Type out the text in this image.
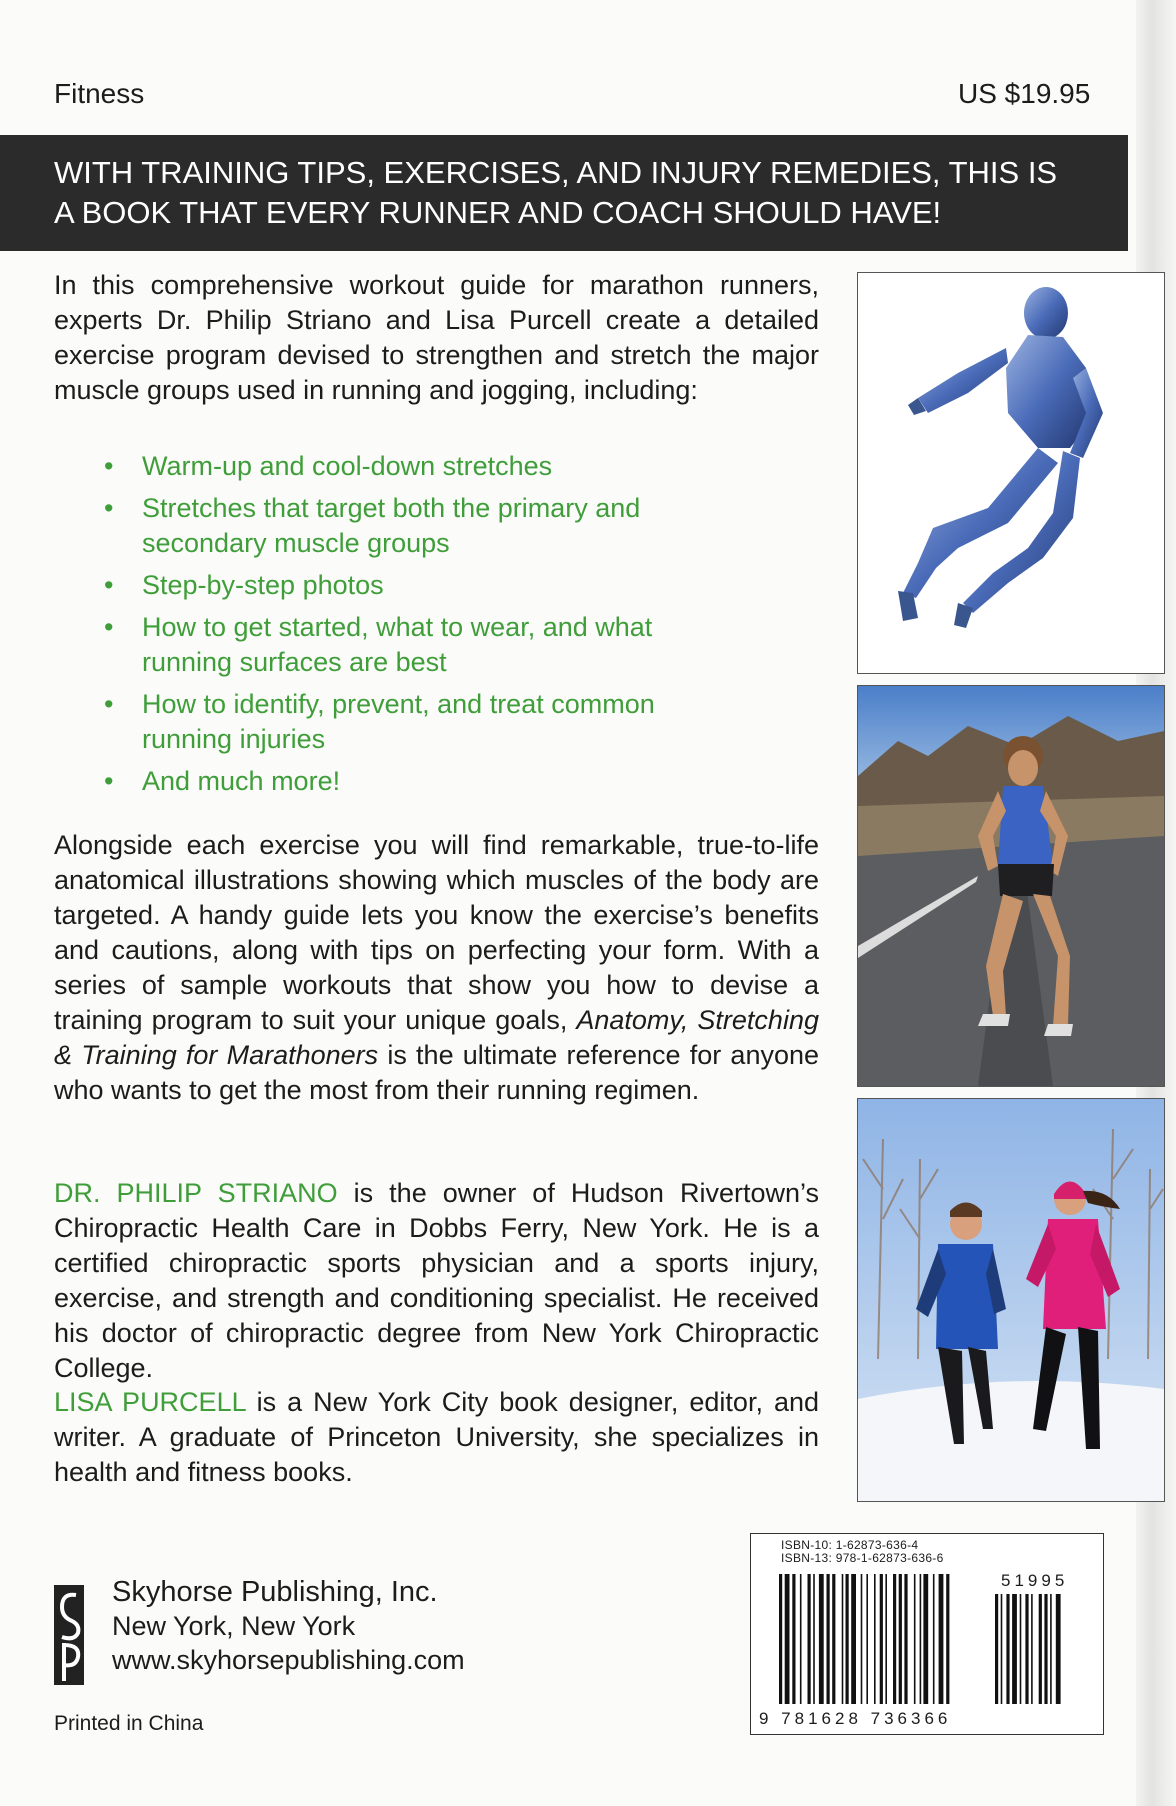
Fitness	US $19.95
WITH TRAINING TIPS, EXERCISES, AND INJURY REMEDIES, THIS IS
A BOOK THAT EVERY RUNNER AND COACH SHOULD HAVE!
In this comprehensive workout guide for marathon runners, experts Dr. Philip Striano and Lisa Purcell create a detailed exercise program devised to strengthen and stretch the major muscle groups used in running and jogging, including:
• Warm-up and cool-down stretches
• Stretches that target both the primary and secondary muscle groups
• Step-by-step photos
• How to get started, what to wear, and what running surfaces are best
• How to identify, prevent, and treat common running injuries
• And much more!
Alongside each exercise you will find remarkable, true-to-life anatomical illustrations showing which muscles of the body are targeted. A handy guide lets you know the exercise’s benefits and cautions, along with tips on perfecting your form. With a series of sample workouts that show you how to devise a training program to suit your unique goals, Anatomy, Stretching & Training for Marathoners is the ultimate reference for anyone who wants to get the most from their running regimen.
DR. PHILIP STRIANO is the owner of Hudson Rivertown’s Chiropractic Health Care in Dobbs Ferry, New York. He is a certified chiropractic sports physician and a sports injury, exercise, and strength and conditioning specialist. He received his doctor of chiropractic degree from New York Chiropractic College.
LISA PURCELL is a New York City book designer, editor, and writer. A graduate of Princeton University, she specializes in health and fitness books.
Skyhorse Publishing, Inc.
New York, New York
www.skyhorsepublishing.com
Printed in China
ISBN-10: 1-62873-636-4
ISBN-13: 978-1-62873-636-6
51995
9 781628 736366
